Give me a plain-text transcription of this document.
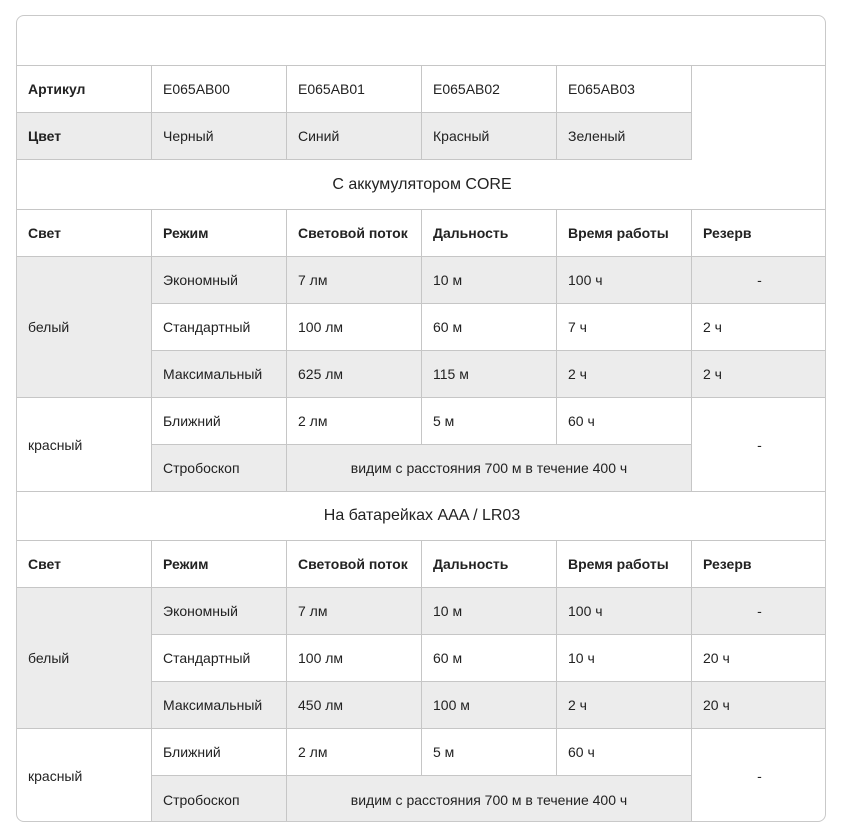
Артикул	E065AB00	E065AB01	E065AB02	E065AB03
Цвет	Черный	Синий	Красный	Зеленый
С аккумулятором CORE
Свет	Режим	Световой поток	Дальность	Время работы	Резерв
белый
Экономный	7 лм	10 м	100 ч	-
Стандартный	100 лм	60 м	7 ч	2 ч
Максимальный	625 лм	115 м	2 ч	2 ч
красный
Ближний	2 лм	5 м	60 ч
-
Стробоскоп	видим с расстояния 700 м в течение 400 ч
На батарейках AAA / LR03
Свет	Режим	Световой поток	Дальность	Время работы	Резерв
белый
Экономный	7 лм	10 м	100 ч	-
Стандартный	100 лм	60 м	10 ч	20 ч
Максимальный	450 лм	100 м	2 ч	20 ч
красный
Ближний	2 лм	5 м	60 ч
-
Стробоскоп	видим с расстояния 700 м в течение 400 ч
